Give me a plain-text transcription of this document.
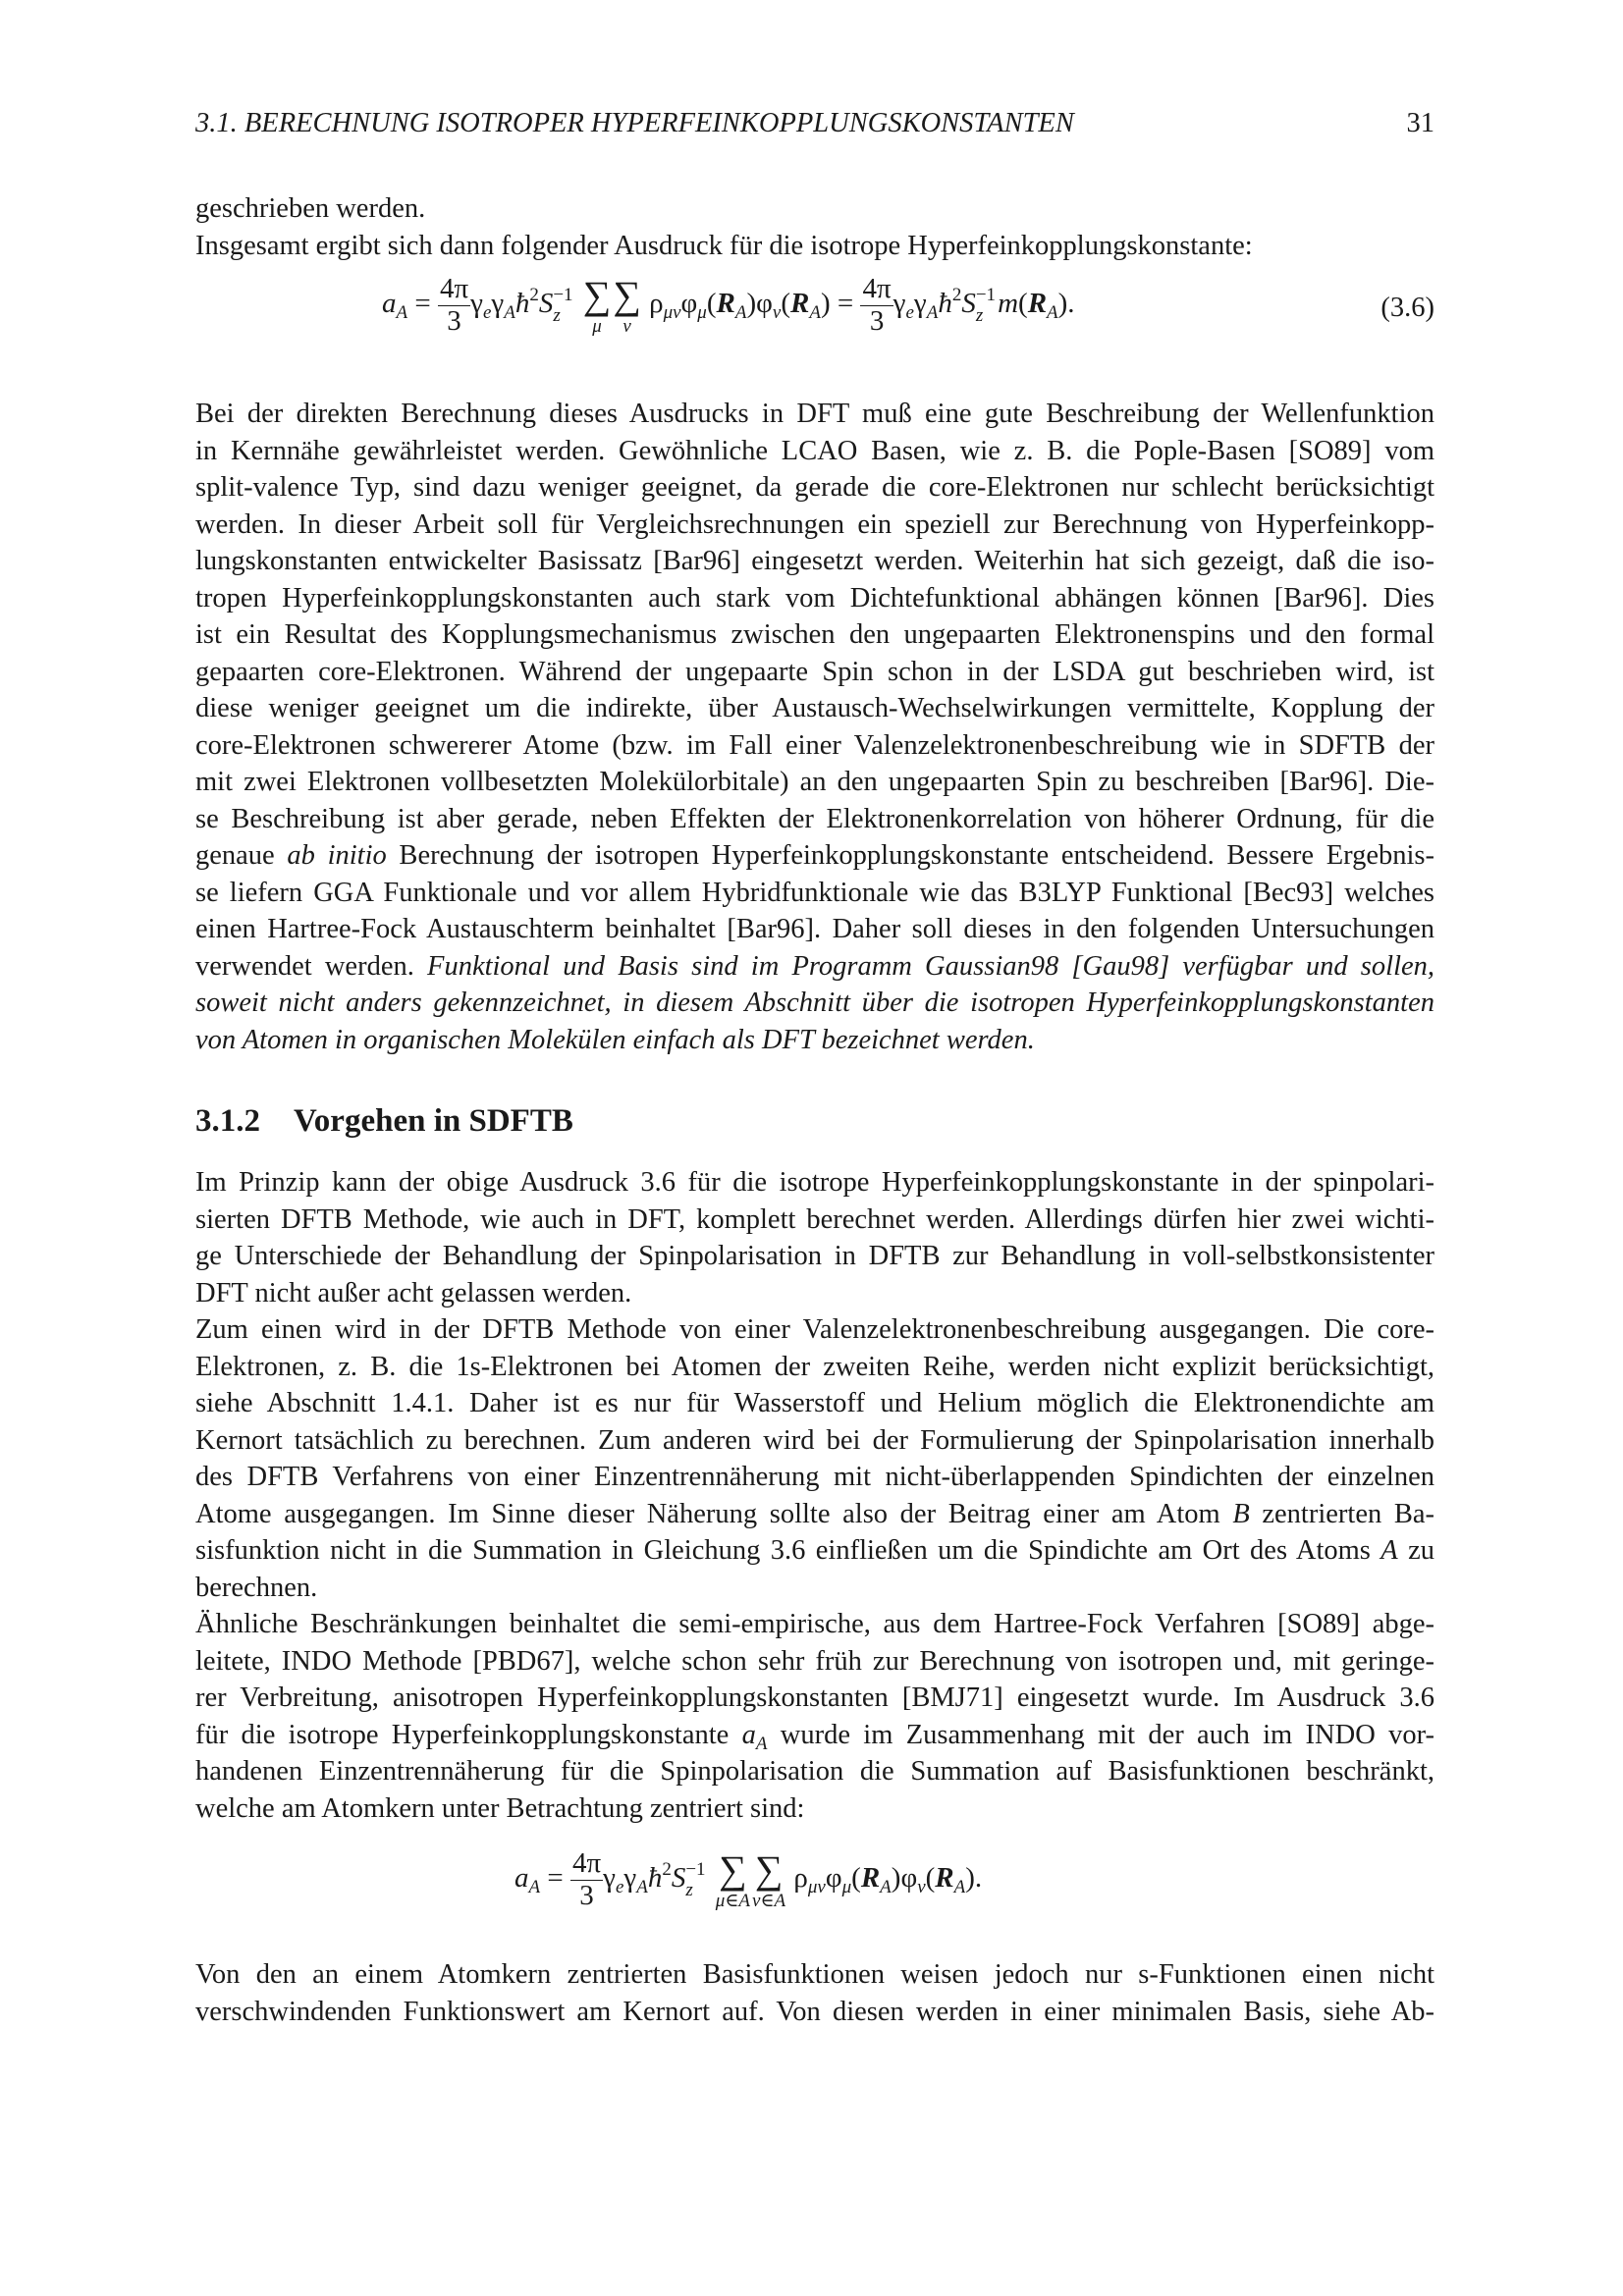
3.1. BERECHNUNG ISOTROPER HYPERFEINKOPPLUNGSKONSTANTEN	31
geschrieben werden.
Insgesamt ergibt sich dann folgender Ausdruck für die isotrope Hyperfeinkopplungskonstante:
$a_A = \frac{4\pi}{3}$ $\gamma_e\gamma_Aħ^2S -1$
z
∑
μ
∑
ν
$\rho_{\mu\nu}\varphi_\mu(R_A)\varphi_\nu(R_A) = \frac{4\pi}{3}$ $\gamma_e\gamma_Aħ^2S -1$
z $m(R_A)$.	(3.6)
Bei der direkten Berechnung dieses Ausdrucks in DFT muß eine gute Beschreibung der Wellenfunktion
in Kernnähe gewährleistet werden. Gewöhnliche LCAO Basen, wie z. B. die Pople-Basen [SO89] vom
split-valence Typ, sind dazu weniger geeignet, da gerade die core-Elektronen nur schlecht berücksichtigt
werden. In dieser Arbeit soll für Vergleichsrechnungen ein speziell zur Berechnung von Hyperfeinkopp-
lungskonstanten entwickelter Basissatz [Bar96] eingesetzt werden. Weiterhin hat sich gezeigt, daß die iso-
tropen Hyperfeinkopplungskonstanten auch stark vom Dichtefunktional abhängen können [Bar96]. Dies
ist ein Resultat des Kopplungsmechanismus zwischen den ungepaarten Elektronenspins und den formal
gepaarten core-Elektronen. Während der ungepaarte Spin schon in der LSDA gut beschrieben wird, ist
diese weniger geeignet um die indirekte, über Austausch-Wechselwirkungen vermittelte, Kopplung der
core-Elektronen schwererer Atome (bzw. im Fall einer Valenzelektronenbeschreibung wie in SDFTB der
mit zwei Elektronen vollbesetzten Molekülorbitale) an den ungepaarten Spin zu beschreiben [Bar96]. Die-
se Beschreibung ist aber gerade, neben Effekten der Elektronenkorrelation von höherer Ordnung, für die
genaue ab initio Berechnung der isotropen Hyperfeinkopplungskonstante entscheidend. Bessere Ergebnis-
se liefern GGA Funktionale und vor allem Hybridfunktionale wie das B3LYP Funktional [Bec93] welches
einen Hartree-Fock Austauschterm beinhaltet [Bar96]. Daher soll dieses in den folgenden Untersuchungen
verwendet werden. Funktional und Basis sind im Programm Gaussian98 [Gau98] verfügbar und sollen,
soweit nicht anders gekennzeichnet, in diesem Abschnitt über die isotropen Hyperfeinkopplungskonstanten
von Atomen in organischen Molekülen einfach als DFT bezeichnet werden.
3.1.2 Vorgehen in SDFTB
Im Prinzip kann der obige Ausdruck 3.6 für die isotrope Hyperfeinkopplungskonstante in der spinpolari-
sierten DFTB Methode, wie auch in DFT, komplett berechnet werden. Allerdings dürfen hier zwei wichti-
ge Unterschiede der Behandlung der Spinpolarisation in DFTB zur Behandlung in voll-selbstkonsistenter
DFT nicht außer acht gelassen werden.
Zum einen wird in der DFTB Methode von einer Valenzelektronenbeschreibung ausgegangen. Die core-
Elektronen, z. B. die 1s-Elektronen bei Atomen der zweiten Reihe, werden nicht explizit berücksichtigt,
siehe Abschnitt 1.4.1. Daher ist es nur für Wasserstoff und Helium möglich die Elektronendichte am
Kernort tatsächlich zu berechnen. Zum anderen wird bei der Formulierung der Spinpolarisation innerhalb
des DFTB Verfahrens von einer Einzentrennäherung mit nicht-überlappenden Spindichten der einzelnen
Atome ausgegangen. Im Sinne dieser Näherung sollte also der Beitrag einer am Atom B zentrierten Ba-
sisfunktion nicht in die Summation in Gleichung 3.6 einfließen um die Spindichte am Ort des Atoms A zu
berechnen.
Ähnliche Beschränkungen beinhaltet die semi-empirische, aus dem Hartree-Fock Verfahren [SO89] abge-
leitete, INDO Methode [PBD67], welche schon sehr früh zur Berechnung von isotropen und, mit geringe-
rer Verbreitung, anisotropen Hyperfeinkopplungskonstanten [BMJ71] eingesetzt wurde. Im Ausdruck 3.6
für die isotrope Hyperfeinkopplungskonstante $a_A$ wurde im Zusammenhang mit der auch im INDO vor-
handenen Einzentrennäherung für die Spinpolarisation die Summation auf Basisfunktionen beschränkt,
welche am Atomkern unter Betrachtung zentriert sind:
$a_A = \frac{4\pi}{3}$ $\gamma_e\gamma_Aħ^2S -1$
z
∑
μ∈A
∑
ν∈A
$\rho_{\mu\nu}\varphi_\mu(R_A)\varphi_\nu(R_A)$.
Von den an einem Atomkern zentrierten Basisfunktionen weisen jedoch nur s-Funktionen einen nicht
verschwindenden Funktionswert am Kernort auf. Von diesen werden in einer minimalen Basis, siehe Ab-
